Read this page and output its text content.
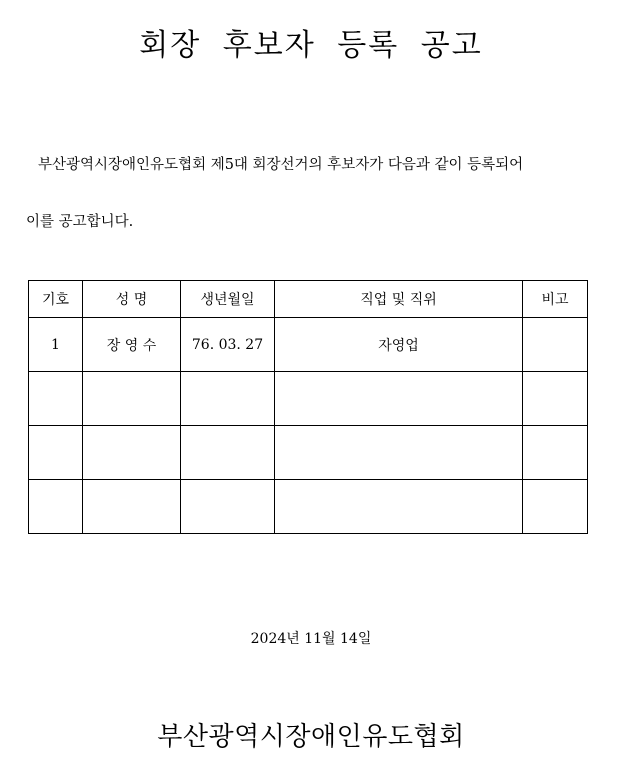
회장 후보자 등록 공고

부산광역시장애인유도협회 제5대 회장선거의 후보자가 다음과 같이 등록되어
이를 공고합니다.

기호	성 명	생년월일	직업 및 직위	비고
1	장 영 수	76. 03. 27	자영업	

2024년 11월 14일
부산광역시장애인유도협회
